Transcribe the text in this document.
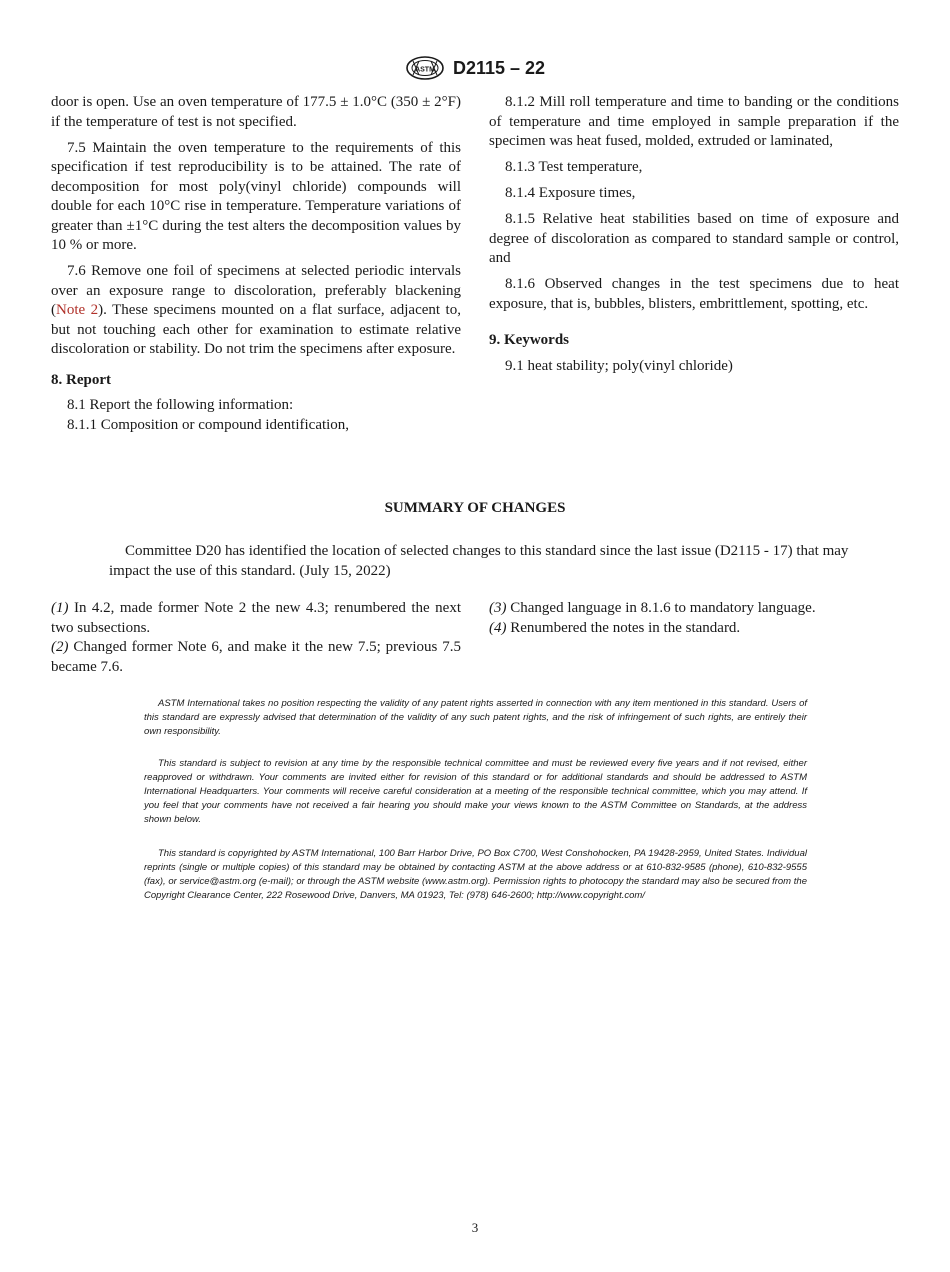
ASTM D2115 – 22

door is open. Use an oven temperature of 177.5 ± 1.0°C (350 ± 2°F) if the temperature of test is not specified.

7.5 Maintain the oven temperature to the requirements of this specification if test reproducibility is to be attained. The rate of decomposition for most poly(vinyl chloride) compounds will double for each 10°C rise in temperature. Temperature variations of greater than ±1°C during the test alters the decomposition values by 10 % or more.

7.6 Remove one foil of specimens at selected periodic intervals over an exposure range to discoloration, preferably blackening (Note 2). These specimens mounted on a flat surface, adjacent to, but not touching each other for examination to estimate relative discoloration or stability. Do not trim the specimens after exposure.

8. Report

8.1 Report the following information:

8.1.1 Composition or compound identification,

8.1.2 Mill roll temperature and time to banding or the conditions of temperature and time employed in sample preparation if the specimen was heat fused, molded, extruded or laminated,

8.1.3 Test temperature,

8.1.4 Exposure times,

8.1.5 Relative heat stabilities based on time of exposure and degree of discoloration as compared to standard sample or control, and

8.1.6 Observed changes in the test specimens due to heat exposure, that is, bubbles, blisters, embrittlement, spotting, etc.

9. Keywords

9.1 heat stability; poly(vinyl chloride)

SUMMARY OF CHANGES
Committee D20 has identified the location of selected changes to this standard since the last issue (D2115 - 17) that may impact the use of this standard. (July 15, 2022)

(1) In 4.2, made former Note 2 the new 4.3; renumbered the next two subsections.

(2) Changed former Note 6, and make it the new 7.5; previous 7.5 became 7.6.

(3) Changed language in 8.1.6 to mandatory language.

(4) Renumbered the notes in the standard.

ASTM International takes no position respecting the validity of any patent rights asserted in connection with any item mentioned in this standard. Users of this standard are expressly advised that determination of the validity of any such patent rights, and the risk of infringement of such rights, are entirely their own responsibility.

This standard is subject to revision at any time by the responsible technical committee and must be reviewed every five years and if not revised, either reapproved or withdrawn. Your comments are invited either for revision of this standard or for additional standards and should be addressed to ASTM International Headquarters. Your comments will receive careful consideration at a meeting of the responsible technical committee, which you may attend. If you feel that your comments have not received a fair hearing you should make your views known to the ASTM Committee on Standards, at the address shown below.

This standard is copyrighted by ASTM International, 100 Barr Harbor Drive, PO Box C700, West Conshohocken, PA 19428-2959, United States. Individual reprints (single or multiple copies) of this standard may be obtained by contacting ASTM at the above address or at 610-832-9585 (phone), 610-832-9555 (fax), or service@astm.org (e-mail); or through the ASTM website (www.astm.org). Permission rights to photocopy the standard may also be secured from the Copyright Clearance Center, 222 Rosewood Drive, Danvers, MA 01923, Tel: (978) 646-2600; http://www.copyright.com/

3
